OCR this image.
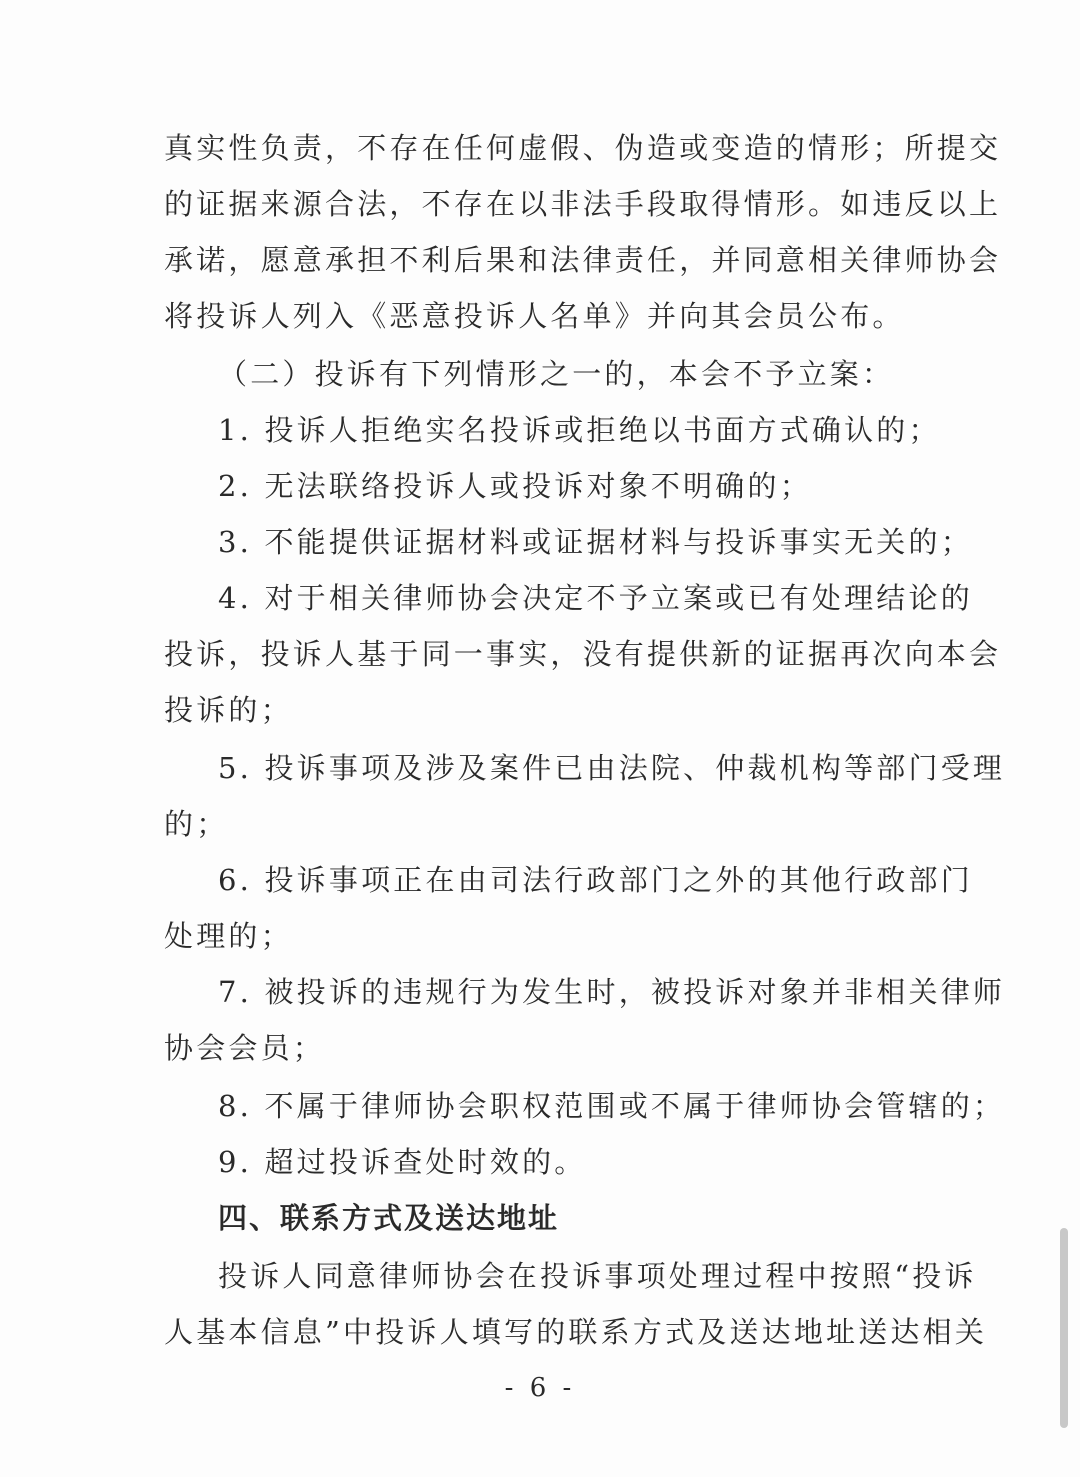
真实性负责，不存在任何虚假、伪造或变造的情形；所提交
的证据来源合法，不存在以非法手段取得情形。如违反以上
承诺，愿意承担不利后果和法律责任，并同意相关律师协会
将投诉人列入《恶意投诉人名单》并向其会员公布。
（二）投诉有下列情形之一的，本会不予立案：
1. 投诉人拒绝实名投诉或拒绝以书面方式确认的；
2. 无法联络投诉人或投诉对象不明确的；
3. 不能提供证据材料或证据材料与投诉事实无关的；
4. 对于相关律师协会决定不予立案或已有处理结论的
投诉，投诉人基于同一事实，没有提供新的证据再次向本会
投诉的；
5. 投诉事项及涉及案件已由法院、仲裁机构等部门受理
的；
6. 投诉事项正在由司法行政部门之外的其他行政部门
处理的；
7. 被投诉的违规行为发生时，被投诉对象并非相关律师
协会会员；
8. 不属于律师协会职权范围或不属于律师协会管辖的；
9. 超过投诉查处时效的。
四、联系方式及送达地址
投诉人同意律师协会在投诉事项处理过程中按照“投诉
人基本信息”中投诉人填写的联系方式及送达地址送达相关
- 6 -
